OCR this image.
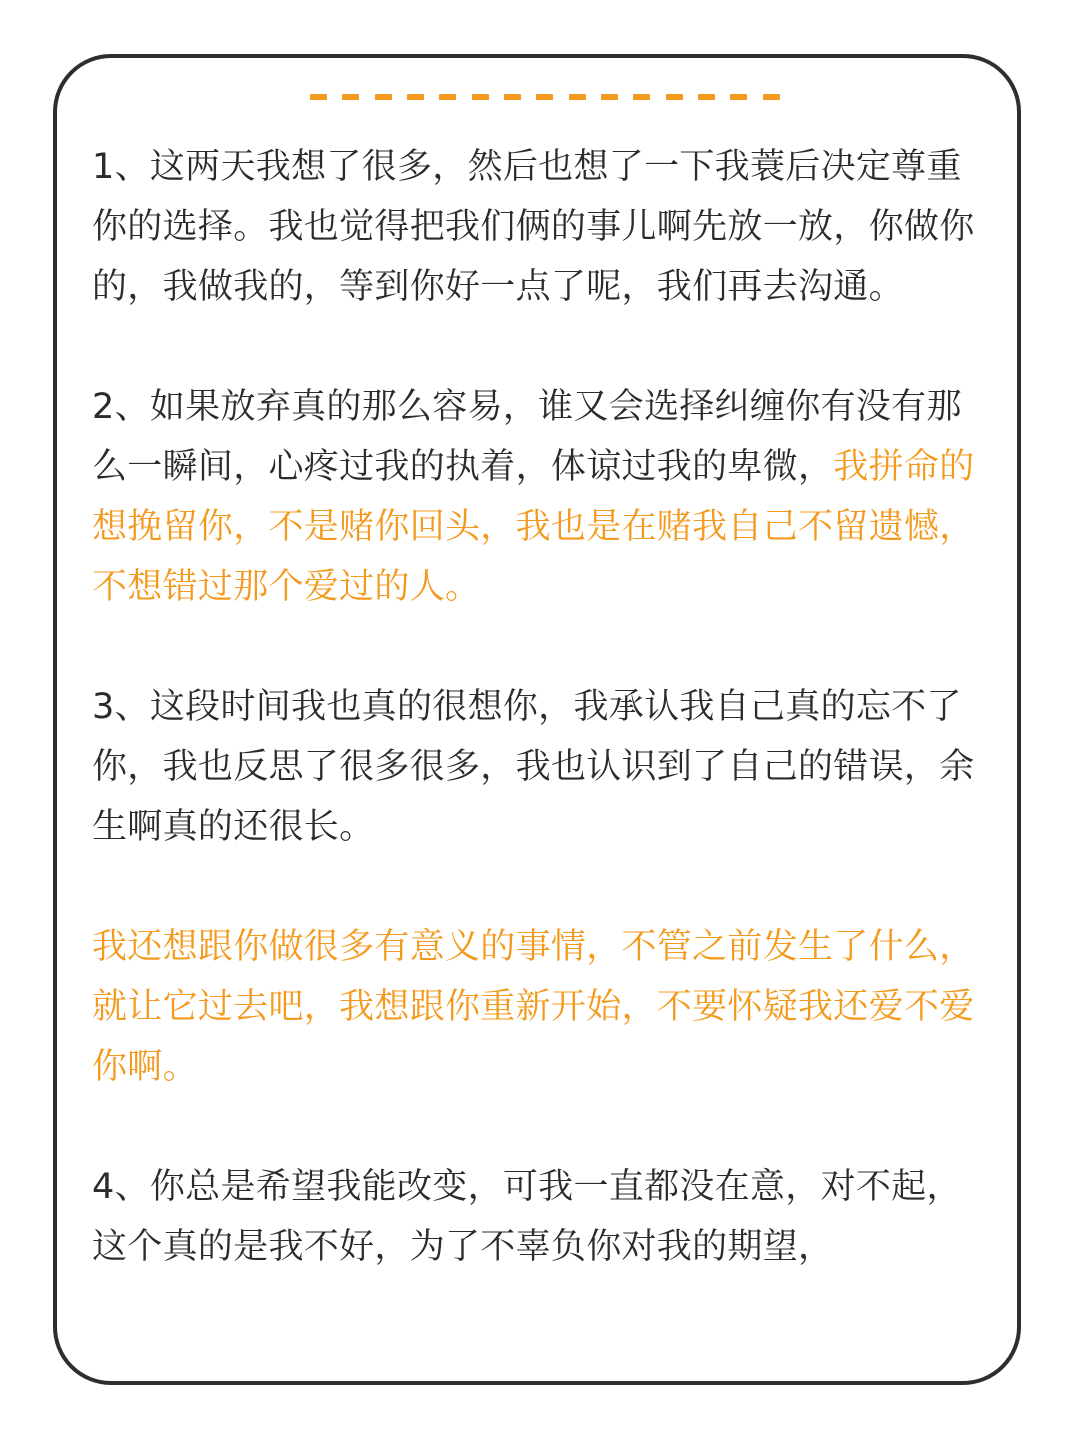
1、这两天我想了很多，然后也想了一下我蓑后决定尊重你的选择。我也觉得把我们俩的事儿啊先放一放，你做你的，我做我的，等到你好一点了呢，我们再去沟通。

2、如果放弃真的那么容易，谁又会选择纠缠你有没有那么一瞬间，心疼过我的执着，体谅过我的卑微，我拼命的想挽留你，不是赌你回头，我也是在赌我自己不留遗憾，不想错过那个爱过的人。

3、这段时间我也真的很想你，我承认我自己真的忘不了你，我也反思了很多很多，我也认识到了自己的错误，余生啊真的还很长。

我还想跟你做很多有意义的事情，不管之前发生了什么，就让它过去吧，我想跟你重新开始，不要怀疑我还爱不爱你啊。

4、你总是希望我能改变，可我一直都没在意，对不起，这个真的是我不好，为了不辜负你对我的期望，
